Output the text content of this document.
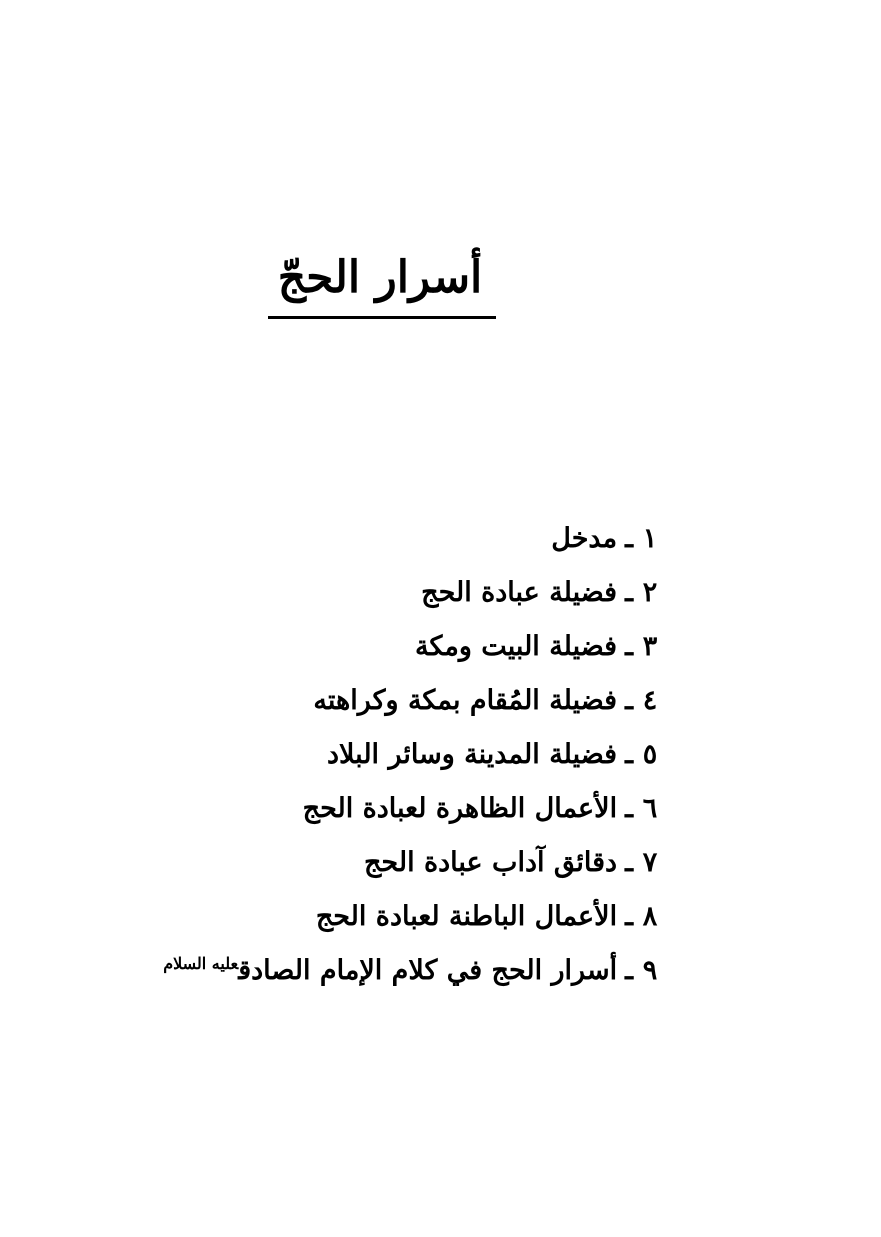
أسرار الحجّ
١ـمدخل
٢ـفضيلة عبادة الحج
٣ـفضيلة البيت ومكة
٤ـفضيلة المُقام بمكة وكراهته
٥ـفضيلة المدينة وسائر البلاد
٦ـالأعمال الظاهرة لعبادة الحج
٧ـدقائق آداب عبادة الحج
٨ـالأعمال الباطنة لعبادة الحج
٩ـأسرار الحج في كلام الإمام الصادق$^{عليه السلام}$
